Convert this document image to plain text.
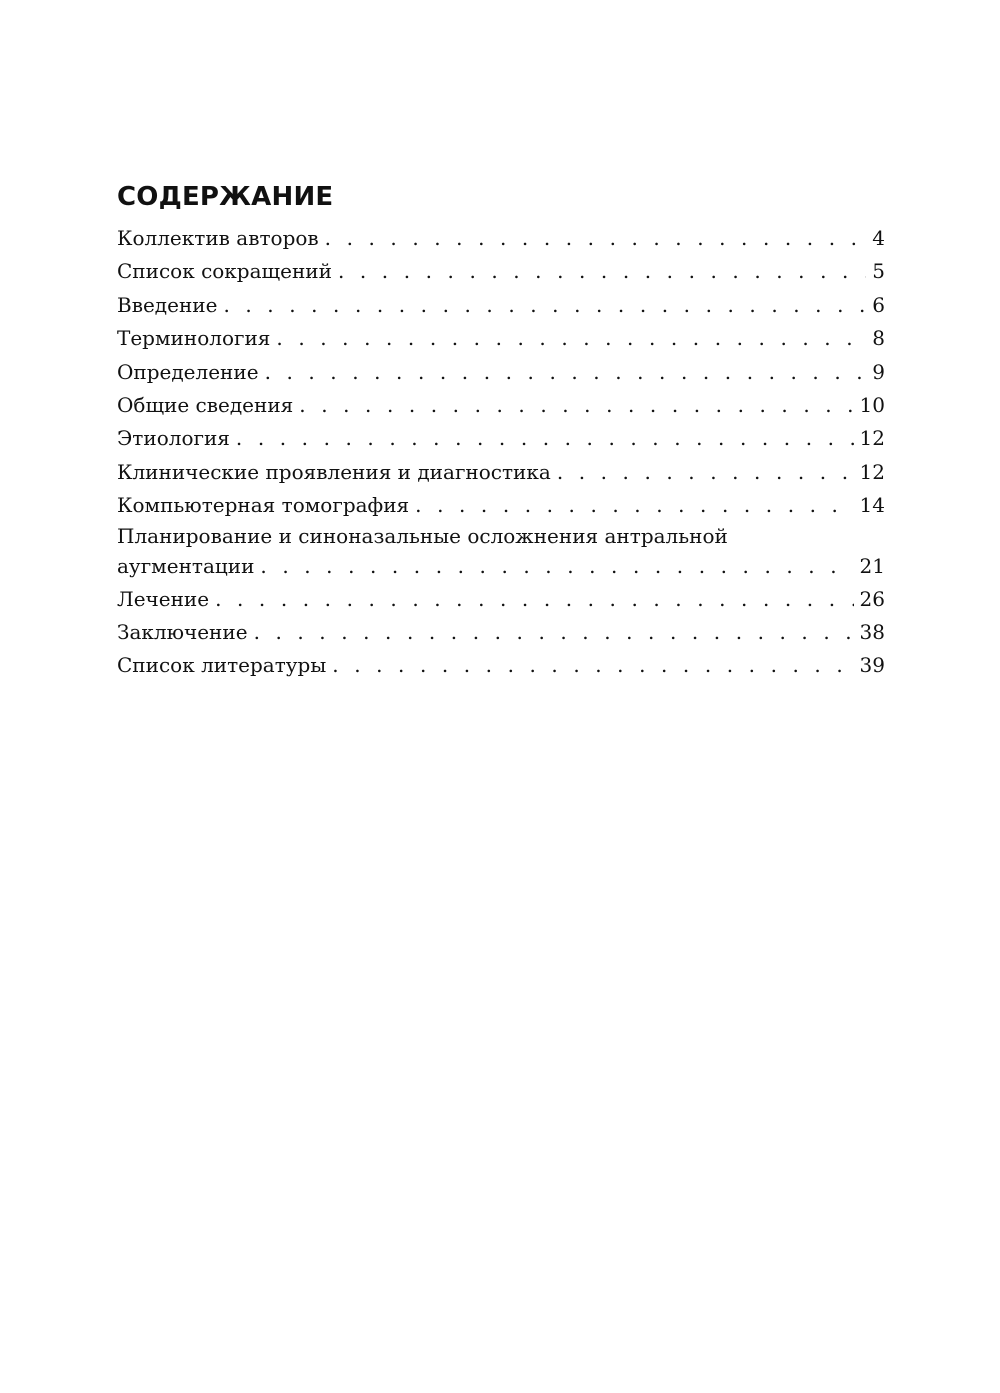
СОДЕРЖАНИЕ
Коллектив авторов . . .	4
Список сокращений . . .	5
Введение . . .	6
Терминология . . .	8
Определение . . .	9
Общие сведения . . .	10
Этиология . . .	12
Клинические проявления и диагностика . . .	12
Компьютерная томография . . .	14
Планирование и синоназальные осложнения антральной
аугментации . . .	21
Лечение . . .	26
Заключение . . .	38
Список литературы . . .	39
